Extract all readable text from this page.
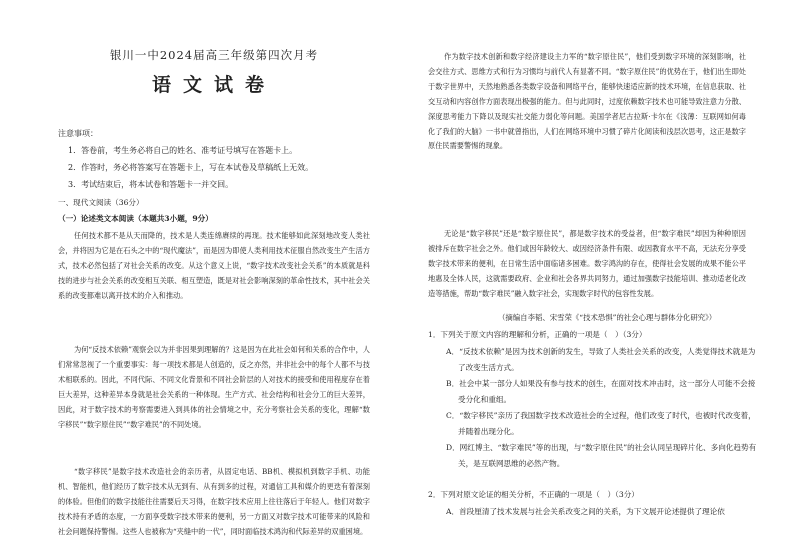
银川一中2024届高三年级第四次月考
语文试卷
注意事项：
1．答卷前，考生务必将自己的姓名、准考证号填写在答题卡上。
2．作答时，务必将答案写在答题卡上，写在本试卷及草稿纸上无效。
3．考试结束后，将本试卷和答题卡一并交回。
一、现代文阅读（36分）
（一）论述类文本阅读（本题共3小题，9分）

任何技术都不是从天而降的，技术是人类连绵赓续的再现。技术能够如此深刻地改变人类社会，并将因为它是在石头之中的“现代魔法”，而是因为即使人类利用技术征服自然改变生产生活方式，技术必然包括了对社会关系的改变。从这个意义上说，“数字技术改变社会关系”的本质就是科技的进步与社会关系的改变相互关联、相互塑造，既是对社会影响深刻的革命性技术，其中社会关系的改变都难以离开技术的介入和推动。

为何“反技术依赖”观察会以为并非因果到理解的？这是因为在此社会如何和关系的合作中，人们常常忽视了一个重要事实：每一项技术都是人创造的，反之亦然，并非社会中的每个人都不与技术相联系的。因此，不同代际、不同文化背景和不同社会阶层的人对技术的接受和使用程度存在着巨大差异，这种差异本身就是社会关系的一种体现。生产方式、社会结构和社会分工的巨大差异，因此，对于数字技术的考察需要进入到具体的社会情境之中，充分考察社会关系的变化，理解“数字移民”“数字原住民”“数字难民”的不同处境。

“数字移民”是数字技术改造社会的亲历者，从固定电话、BB机、模拟机到数字手机、功能机、智能机，他们经历了数字技术从无到有、从有到多的过程，对通信工具和媒介的更迭有着深刻的体验。但他们的数字技能往往需要后天习得，在数字技术应用上往往落后于年轻人。他们对数字技术持有矛盾的态度，一方面享受数字技术带来的便利，另一方面又对数字技术可能带来的风险和社会问题保持警惕。这些人也被称为“夹缝中的一代”，同时面临技术鸿沟和代际差异的双重困境。

作为数字技术创新和数字经济建设主力军的“数字原住民”，他们受到数字环境的深刻影响，社会交往方式、思维方式和行为习惯均与前代人有显著不同。“数字原住民”的优势在于，他们出生即处于数字世界中，天然地熟悉各类数字设备和网络平台，能够快速适应新的技术环境，在信息获取、社交互动和内容创作方面表现出极强的能力。但与此同时，过度依赖数字技术也可能导致注意力分散、深度思考能力下降以及现实社交能力弱化等问题。美国学者尼古拉斯·卡尔在《浅薄：互联网如何毒化了我们的大脑》一书中就曾指出，人们在网络环境中习惯了碎片化阅读和浅层次思考，这正是数字原住民需要警惕的现象。

无论是“数字移民”还是“数字原住民”，都是数字技术的受益者，但“数字难民”却因为种种原因被排斥在数字社会之外。他们或因年龄较大、或因经济条件有限、或因教育水平不高，无法充分享受数字技术带来的便利，在日常生活中面临诸多困难。数字鸿沟的存在，使得社会发展的成果不能公平地惠及全体人民，这就需要政府、企业和社会各界共同努力，通过加强数字技能培训、推动适老化改造等措施，帮助“数字难民”融入数字社会，实现数字时代的包容性发展。

（摘编自李韬、宋雪荣《“技术恐惧”的社会心理与群体分化研究》）
1．下列关于原文内容的理解和分析，正确的一项是（　）（3分）
A．“反技术依赖”是因为技术创新的发生，导致了人类社会关系的改变，人类觉得技术就是为了改变生活方式。
B．社会中某一部分人如果没有参与技术的创生，在面对技术冲击时，这一部分人可能不会接受分化和重组。
C．“数字移民”亲历了我国数字技术改造社会的全过程，他们改变了时代，也被时代改变着，并随着出现分化。
D．网红博主、“数字难民”等的出现，与“数字原住民”的社会认同呈现碎片化、多向化趋势有关，是互联网思维的必然产物。
2．下列对原文论证的相关分析，不正确的一项是（　）（3分）
A．首段厘清了技术发展与社会关系改变之间的关系，为下文展开论述提供了理论依
